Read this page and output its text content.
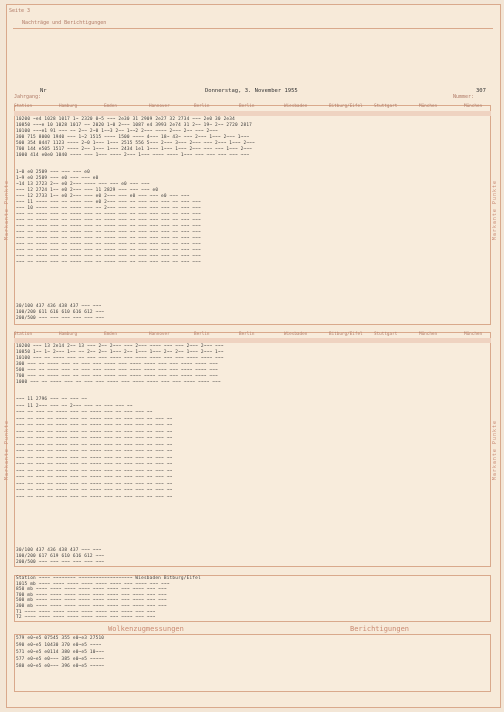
Seite 3
Nachträge und Berichtigungen
Nr
Jahrgang:
Donnerstag, 3. November 1955
Nummer:
307
Station	Hamburg	Emden	Hannover	Berlin	Berlin	Wiesbaden	Bitburg/Eifel	Stuttgart	München	München
10200 ~e4 1028 1017 1~ 2320 0~5 ~~~ 2e30 31 2909 2e27 32 2734 ~~~ 2e0 30 2e34
10850 ~~~e 10 1028 1017 ~~ 2020 1~0 2~~~ 1087 e4 3993 2e74 31 2~~ 19~ 2~~ 2720 2817
10100 ~~~e1 91 ~~~ ~~ 2~~ 2~0 1~~3 2~~ 1~~2 2~~~ ~~~~ 2~~~ 2~~ ~~~ 2~~~
300 715 8000 1940 ~~~ 1~2 1515 ~~~~ 1500 ~~~~ 4~~~ 18~ 43~ ~~~ 2~~~ 1~~~ 2~~~ 1~~~
500 354 0447 1123 ~~~~ 2~0 1~~~ 1~~~ 2515 556 5~~~ 2~~~ 3~~~ 2~~~ ~~~ 2~~~ 1~~~ 2~~~
700 144 e505 1517 ~~~~ 2~~ 1~~~ 1~~~ 2434 1e1 1~~~ 1~~~ 1~~~ 2~~~ ~~~ ~~~ 1~~~ 2~~~
1000 414 e0e0 1040 ~~~~ ~~~ 1~~~ ~~~~ 2~~~ 1~~~ ~~~~ ~~~~ 1~~~ ~~~ ~~~ ~~~ ~~~ ~~~
1~0 e0 2509 ~~~ ~~~ ~~~ e0
1~9 e0 2509 ~~~ e0 ~~~ ~~~ e0
~14 13 2723 2~~ e0 2~~~ ~~~~ ~~~ ~~~ e0 ~~~ ~~~
~~~ 12 2724 1~~ e0 2~~~ ~~~ 11 2829 ~~~ ~~~ ~~~ e0
~~~ 12 2733 1~~ e0 2~~~ ~~~ e0 2~~~ ~~~ e0 ~~~ ~~~ e0 ~~~ ~~~
~~~ 11 ~~~~ ~~~ ~~ ~~~~ ~~~ e0 2~~~ ~~~ ~~ ~~~ ~~~ ~~~ ~~ ~~~ ~~~
~~~ 10 ~~~~ ~~~ ~~ ~~~~ ~~~ ~~ 2~~~ ~~~ ~~ ~~~ ~~~ ~~~ ~~ ~~~ ~~~
~~~ ~~ ~~~~ ~~~ ~~ ~~~~ ~~~ ~~ ~~~~ ~~~ ~~ ~~~ ~~~ ~~~ ~~ ~~~ ~~~
~~~ ~~ ~~~~ ~~~ ~~ ~~~~ ~~~ ~~ ~~~~ ~~~ ~~ ~~~ ~~~ ~~~ ~~ ~~~ ~~~
~~~ ~~ ~~~~ ~~~ ~~ ~~~~ ~~~ ~~ ~~~~ ~~~ ~~ ~~~ ~~~ ~~~ ~~ ~~~ ~~~
~~~ ~~ ~~~~ ~~~ ~~ ~~~~ ~~~ ~~ ~~~~ ~~~ ~~ ~~~ ~~~ ~~~ ~~ ~~~ ~~~
~~~ ~~ ~~~~ ~~~ ~~ ~~~~ ~~~ ~~ ~~~~ ~~~ ~~ ~~~ ~~~ ~~~ ~~ ~~~ ~~~
~~~ ~~ ~~~~ ~~~ ~~ ~~~~ ~~~ ~~ ~~~~ ~~~ ~~ ~~~ ~~~ ~~~ ~~ ~~~ ~~~
~~~ ~~ ~~~~ ~~~ ~~ ~~~~ ~~~ ~~ ~~~~ ~~~ ~~ ~~~ ~~~ ~~~ ~~ ~~~ ~~~
~~~ ~~ ~~~~ ~~~ ~~ ~~~~ ~~~ ~~ ~~~~ ~~~ ~~ ~~~ ~~~ ~~~ ~~ ~~~ ~~~
~~~ ~~ ~~~~ ~~~ ~~ ~~~~ ~~~ ~~ ~~~~ ~~~ ~~ ~~~ ~~~ ~~~ ~~ ~~~ ~~~
30/100 437 436 438 437 ~~~ ~~~
100/200 611 616 610 616 612 ~~~
200/500 ~~~ ~~~ ~~~ ~~~ ~~~ ~~~
Markante Punkte	Markante Punkte
Station	Hamburg	Emden	Hannover	Berlin	Berlin	Wiesbaden	Bitburg/Eifel	Stuttgart	München	München
10200 ~~~ 13 2e14 2~~ 13 ~~~ 2~~ 2~~~ ~~~ 2~~~ ~~~~ ~~~ ~~~ 2~~~ 2~~~ ~~~
10850 1~~ 1~ 2~~~ 1~~ ~~ 2~~ 2~~ 1~~~ 2~~ 1~~~ 1~~~ 2~~ 2~~ 1~~~ 2~~~ 1~~
10100 ~~~ ~~ ~~~~ ~~~ ~~ ~~~ ~~~ ~~~~ ~~~ ~~~~ ~~~~ ~~~ ~~~ ~~~~ ~~~~ ~~~
300 ~~~ ~~ ~~~~ ~~~ ~~ ~~~ ~~~ ~~~~ ~~~ ~~~~ ~~~~ ~~~ ~~~ ~~~~ ~~~~ ~~~
500 ~~~ ~~ ~~~~ ~~~ ~~ ~~~ ~~~ ~~~~ ~~~ ~~~~ ~~~~ ~~~ ~~~ ~~~~ ~~~~ ~~~
700 ~~~ ~~ ~~~~ ~~~ ~~ ~~~ ~~~ ~~~~ ~~~ ~~~~ ~~~~ ~~~ ~~~ ~~~~ ~~~~ ~~~
1000 ~~~ ~~ ~~~~ ~~~ ~~ ~~~ ~~~ ~~~~ ~~~ ~~~~ ~~~~ ~~~ ~~~ ~~~~ ~~~~ ~~~
~~~ 11 2796 ~~~ ~~ ~~~ ~~
~~~ 11 2~~~ ~~~ ~~ 2~~~ ~~~ ~~ ~~~ ~~~ ~~
~~~ ~~ ~~~ ~~ ~~~~ ~~~ ~~ ~~~~ ~~~ ~~ ~~~ ~~~ ~~
~~~ ~~ ~~~ ~~ ~~~~ ~~~ ~~ ~~~~ ~~~ ~~ ~~~ ~~~ ~~ ~~~ ~~
~~~ ~~ ~~~ ~~ ~~~~ ~~~ ~~ ~~~~ ~~~ ~~ ~~~ ~~~ ~~ ~~~ ~~
~~~ ~~ ~~~ ~~ ~~~~ ~~~ ~~ ~~~~ ~~~ ~~ ~~~ ~~~ ~~ ~~~ ~~
~~~ ~~ ~~~ ~~ ~~~~ ~~~ ~~ ~~~~ ~~~ ~~ ~~~ ~~~ ~~ ~~~ ~~
~~~ ~~ ~~~ ~~ ~~~~ ~~~ ~~ ~~~~ ~~~ ~~ ~~~ ~~~ ~~ ~~~ ~~
~~~ ~~ ~~~ ~~ ~~~~ ~~~ ~~ ~~~~ ~~~ ~~ ~~~ ~~~ ~~ ~~~ ~~
~~~ ~~ ~~~ ~~ ~~~~ ~~~ ~~ ~~~~ ~~~ ~~ ~~~ ~~~ ~~ ~~~ ~~
~~~ ~~ ~~~ ~~ ~~~~ ~~~ ~~ ~~~~ ~~~ ~~ ~~~ ~~~ ~~ ~~~ ~~
~~~ ~~ ~~~ ~~ ~~~~ ~~~ ~~ ~~~~ ~~~ ~~ ~~~ ~~~ ~~ ~~~ ~~
~~~ ~~ ~~~ ~~ ~~~~ ~~~ ~~ ~~~~ ~~~ ~~ ~~~ ~~~ ~~ ~~~ ~~
~~~ ~~ ~~~ ~~ ~~~~ ~~~ ~~ ~~~~ ~~~ ~~ ~~~ ~~~ ~~ ~~~ ~~
~~~ ~~ ~~~ ~~ ~~~~ ~~~ ~~ ~~~~ ~~~ ~~ ~~~ ~~~ ~~ ~~~ ~~
~~~ ~~ ~~~ ~~ ~~~~ ~~~ ~~ ~~~~ ~~~ ~~ ~~~ ~~~ ~~ ~~~ ~~
30/100 437 436 438 437 ~~~ ~~~
100/200 617 619 610 616 612 ~~~
200/500 ~~~ ~~~ ~~~ ~~~ ~~~ ~~~
Markante Punkte	Markante Punkte
Station ~~~~ ~~~~~~~~ ~~~~~~~~~~~~~~~~~~~ Wiesbaden Bitburg/Eifel
1015 mb ~~~~ ~~~~ ~~~~ ~~~~ ~~~~ ~~~~ ~~~ ~~~~ ~~~ ~~~
850 mb ~~~~ ~~~~ ~~~~ ~~~~ ~~~~ ~~~~ ~~~ ~~~~ ~~~ ~~~
700 mb ~~~~ ~~~~ ~~~~ ~~~~ ~~~~ ~~~~ ~~~ ~~~~ ~~~ ~~~
500 mb ~~~~ ~~~~ ~~~~ ~~~~ ~~~~ ~~~~ ~~~ ~~~~ ~~~ ~~~
300 mb ~~~~ ~~~~ ~~~~ ~~~~ ~~~~ ~~~~ ~~~ ~~~~ ~~~ ~~~
T1 ~~~~ ~~~~ ~~~~ ~~~~ ~~~~ ~~~~ ~~~ ~~~~ ~~~ ~~~
T2 ~~~~ ~~~~ ~~~~ ~~~~ ~~~~ ~~~~ ~~~ ~~~~ ~~~ ~~~
Wolkenzugmessungen	Berichtigungen
579 e0~e5 07545 355 e0~e3 27510
590 e0~e5 10430 370 e0~e5 ~~~~
571 e0~e5 e0114 380 e0~e5 10~~~
577 e0~e5 e0~~~ 385 e0~e5 ~~~~~
580 e0~e5 e0~~~ 396 e0~e5 ~~~~~
